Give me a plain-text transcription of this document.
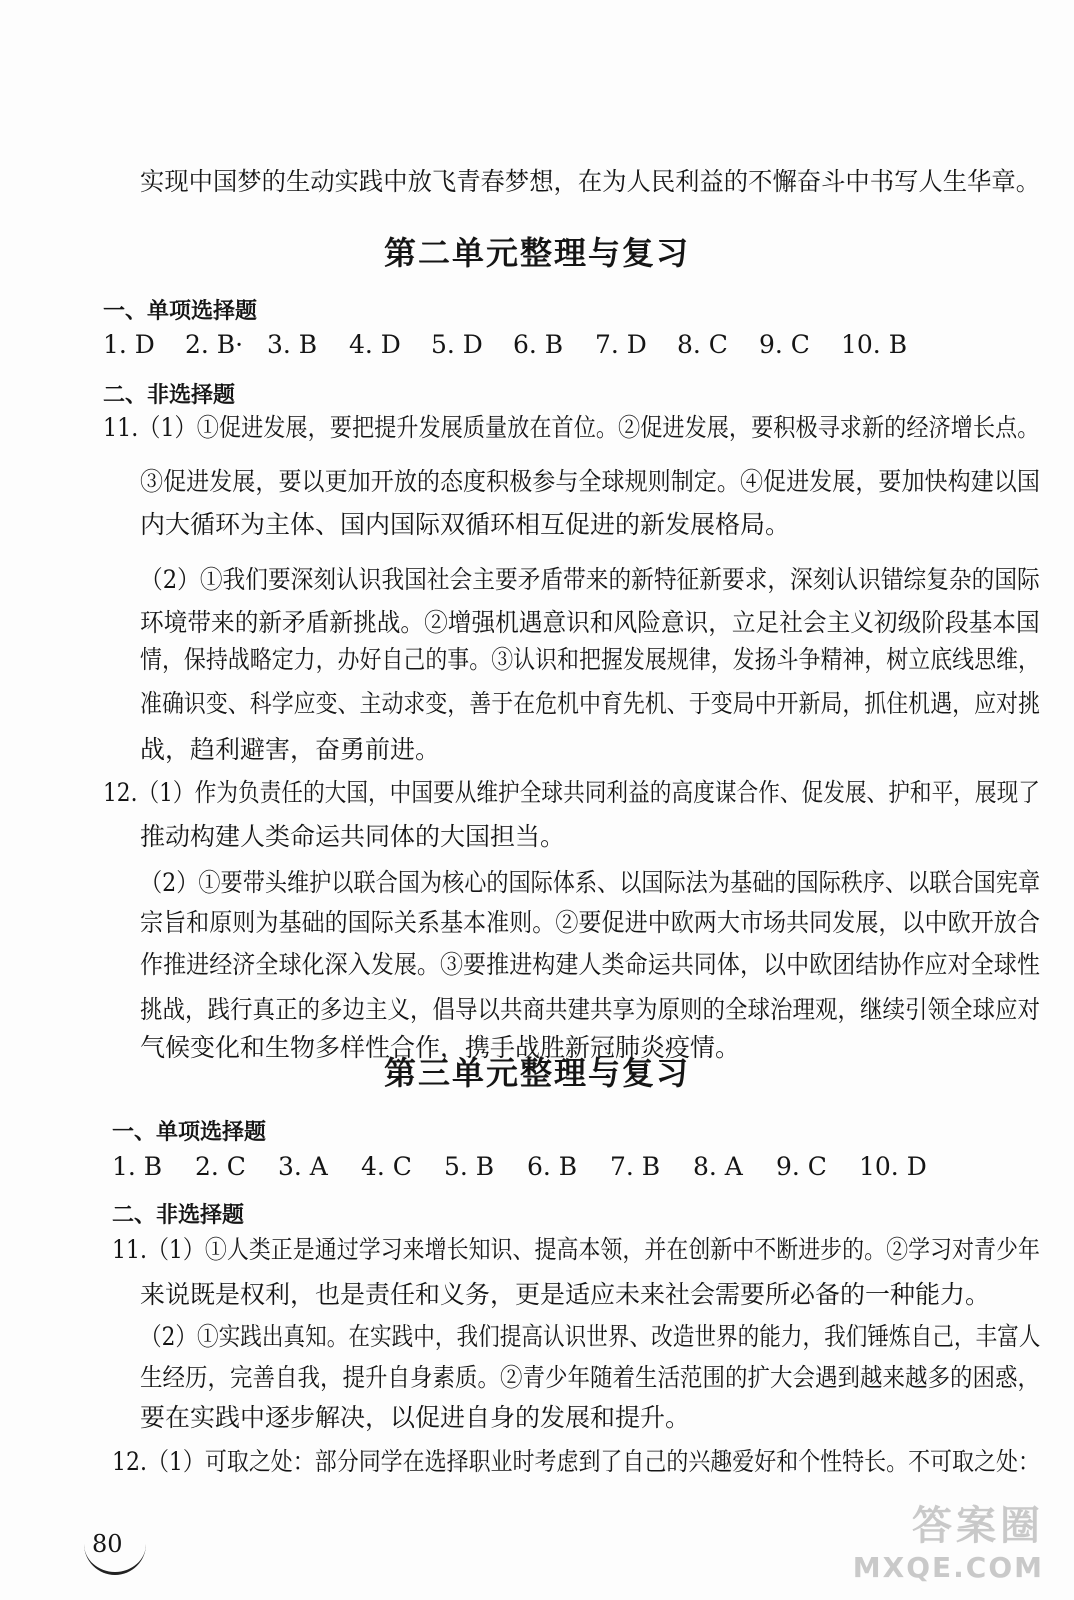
实现中国梦的生动实践中放飞青春梦想，在为人民利益的不懈奋斗中书写人生华章。
第二单元整理与复习
一、单项选择题
1. D 2. B· 3. B 4. D 5. D 6. B 7. D 8. C 9. C 10. B
二、非选择题
11.（1）①促进发展，要把提升发展质量放在首位。②促进发展，要积极寻求新的经济增长点。
③促进发展，要以更加开放的态度积极参与全球规则制定。④促进发展，要加快构建以国
内大循环为主体、国内国际双循环相互促进的新发展格局。
（2）①我们要深刻认识我国社会主要矛盾带来的新特征新要求，深刻认识错综复杂的国际
环境带来的新矛盾新挑战。②增强机遇意识和风险意识，立足社会主义初级阶段基本国
情，保持战略定力，办好自己的事。③认识和把握发展规律，发扬斗争精神，树立底线思维，
准确识变、科学应变、主动求变，善于在危机中育先机、于变局中开新局，抓住机遇，应对挑
战，趋利避害，奋勇前进。
12.（1）作为负责任的大国，中国要从维护全球共同利益的高度谋合作、促发展、护和平，展现了
推动构建人类命运共同体的大国担当。
（2）①要带头维护以联合国为核心的国际体系、以国际法为基础的国际秩序、以联合国宪章
宗旨和原则为基础的国际关系基本准则。②要促进中欧两大市场共同发展，以中欧开放合
作推进经济全球化深入发展。③要推进构建人类命运共同体，以中欧团结协作应对全球性
挑战，践行真正的多边主义，倡导以共商共建共享为原则的全球治理观，继续引领全球应对
气候变化和生物多样性合作，携手战胜新冠肺炎疫情。
第三单元整理与复习
一、单项选择题
1. B 2. C 3. A 4. C 5. B 6. B 7. B 8. A 9. C 10. D
二、非选择题
11.（1）①人类正是通过学习来增长知识、提高本领，并在创新中不断进步的。②学习对青少年
来说既是权利，也是责任和义务，更是适应未来社会需要所必备的一种能力。
（2）①实践出真知。在实践中，我们提高认识世界、改造世界的能力，我们锤炼自己，丰富人
生经历，完善自我，提升自身素质。②青少年随着生活范围的扩大会遇到越来越多的困惑，
要在实践中逐步解决，以促进自身的发展和提升。
12.（1）可取之处：部分同学在选择职业时考虑到了自己的兴趣爱好和个性特长。不可取之处：
80	答案圈
MXQE.COM
